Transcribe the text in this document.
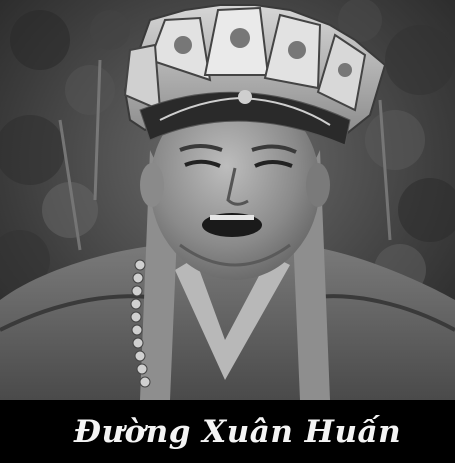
Đường Xuân Huấn
